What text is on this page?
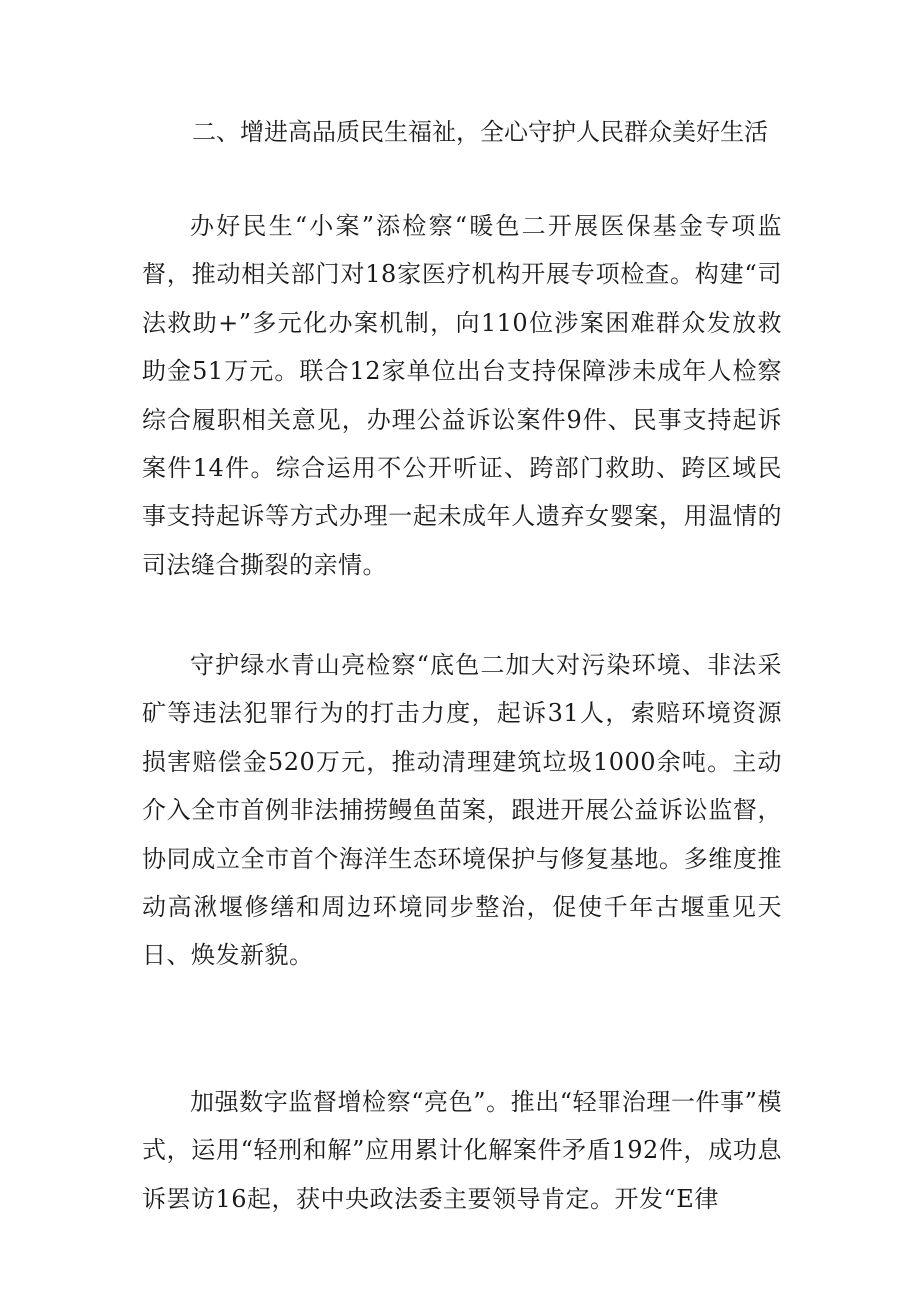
二、增进高品质民生福祉，全心守护人民群众美好生活

办好民生“小案”添检察“暖色二开展医保基金专项监督，推动相关部门对18家医疗机构开展专项检查。构建“司法救助+”多元化办案机制，向110位涉案困难群众发放救助金51万元。联合12家单位出台支持保障涉未成年人检察综合履职相关意见，办理公益诉讼案件9件、民事支持起诉案件14件。综合运用不公开听证、跨部门救助、跨区域民事支持起诉等方式办理一起未成年人遗弃女婴案，用温情的司法缝合撕裂的亲情。

守护绿水青山亮检察“底色二加大对污染环境、非法采矿等违法犯罪行为的打击力度，起诉31人，索赔环境资源损害赔偿金520万元，推动清理建筑垃圾1000余吨。主动介入全市首例非法捕捞鳗鱼苗案，跟进开展公益诉讼监督，协同成立全市首个海洋生态环境保护与修复基地。多维度推动高湫堰修缮和周边环境同步整治，促使千年古堰重见天日、焕发新貌。

加强数字监督增检察“亮色”。推出“轻罪治理一件事”模式，运用“轻刑和解”应用累计化解案件矛盾192件，成功息诉罢访16起，获中央政法委主要领导肯定。开发“E律
